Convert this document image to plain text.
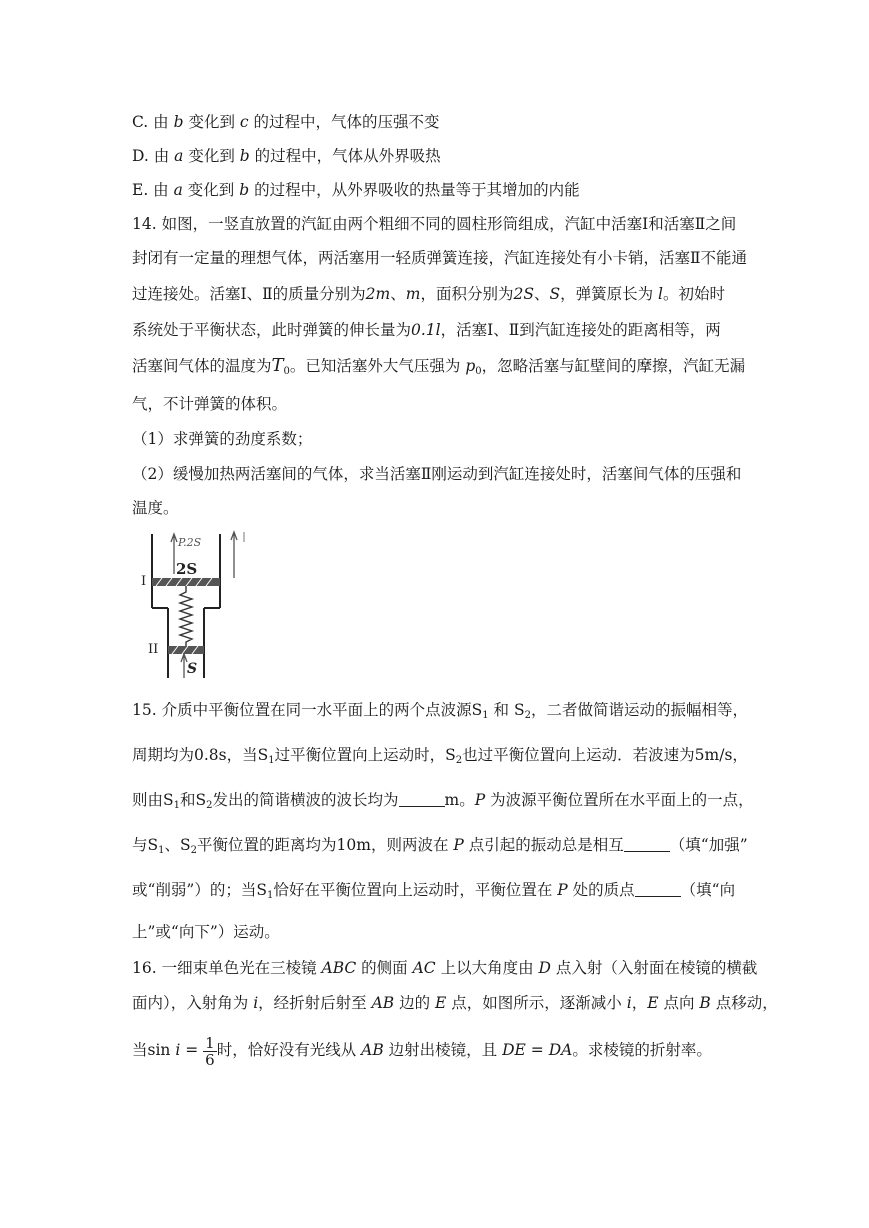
C. 由 b 变化到 c 的过程中，气体的压强不变
D. 由 a 变化到 b 的过程中，气体从外界吸热
E. 由 a 变化到 b 的过程中，从外界吸收的热量等于其增加的内能
14. 如图，一竖直放置的汽缸由两个粗细不同的圆柱形筒组成，汽缸中活塞Ⅰ和活塞Ⅱ之间
封闭有一定量的理想气体，两活塞用一轻质弹簧连接，汽缸连接处有小卡销，活塞Ⅱ不能通
过连接处。活塞Ⅰ、Ⅱ的质量分别为2m、m，面积分别为2S、S，弹簧原长为 l。初始时
系统处于平衡状态，此时弹簧的伸长量为0.1l，活塞Ⅰ、Ⅱ到汽缸连接处的距离相等，两
活塞间气体的温度为$T_0$。已知活塞外大气压强为 $p_0$，忽略活塞与缸壁间的摩擦，汽缸无漏
气，不计弹簧的体积。
（1）求弹簧的劲度系数；
（2）缓慢加热两活塞间的气体，求当活塞Ⅱ刚运动到汽缸连接处时，活塞间气体的压强和
温度。
P.2S
2S
S
I
II
15. 介质中平衡位置在同一水平面上的两个点波源$S_1$ 和 $S_2$，二者做简谐运动的振幅相等，
周期均为0.8s，当$S_1$过平衡位置向上运动时，$S_2$也过平衡位置向上运动．若波速为5m/s，
则由$S_1$和$S_2$发出的简谐横波的波长均为	m。P 为波源平衡位置所在水平面上的一点，
与$S_1$、$S_2$平衡位置的距离均为10m，则两波在 P 点引起的振动总是相互	（填“加强”
或“削弱”）的；当$S_1$恰好在平衡位置向上运动时，平衡位置在 P 处的质点	（填“向
上”或“向下”）运动。
16. 一细束单色光在三棱镜 ABC 的侧面 AC 上以大角度由 D 点入射（入射面在棱镜的横截
面内），入射角为 i，经折射后射至 AB 边的 E 点，如图所示，逐渐减小 i，E 点向 B 点移动，
当$\sin i = \frac{1}{6}$ 时，恰好没有光线从 AB 边射出棱镜，且 DE = DA。求棱镜的折射率。
